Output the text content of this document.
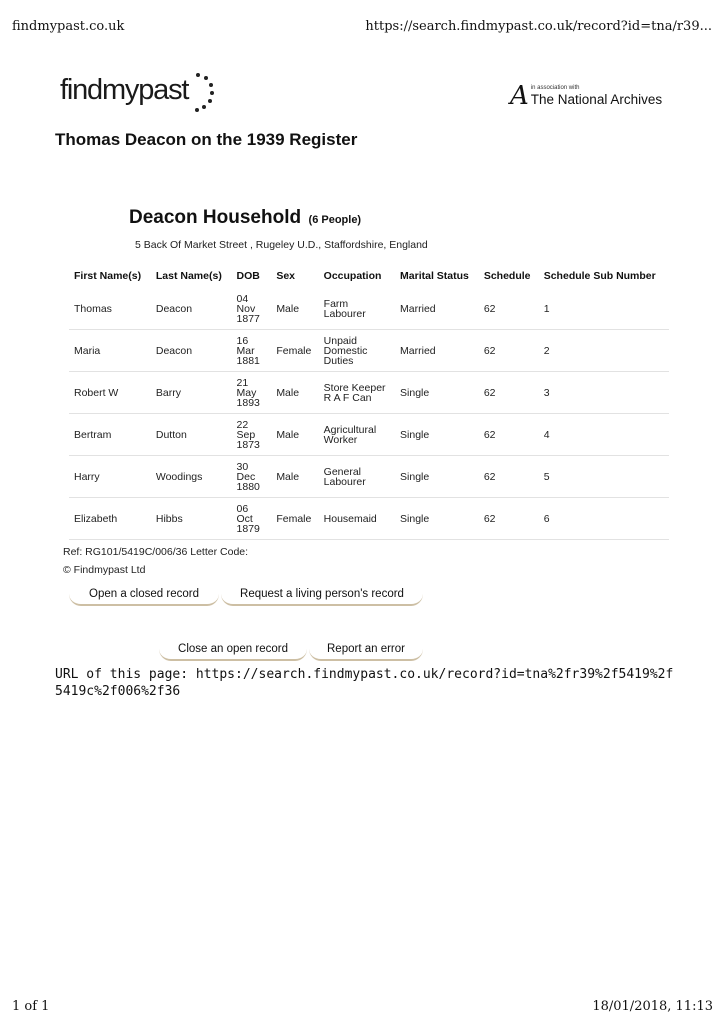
findmypast.co.uk	https://search.findmypast.co.uk/record?id=tna/r39...
findmypast	A in association with
The National Archives
Thomas Deacon on the 1939 Register
Deacon Household (6 People)
5 Back Of Market Street , Rugeley U.D., Staffordshire, England
First Name(s)	Last Name(s)	DOB	Sex	Occupation	Marital Status	Schedule	Schedule Sub Number
Thomas	Deacon	04 Nov 1877	Male	Farm Labourer	Married	62	1
Maria	Deacon	16 Mar 1881	Female	Unpaid Domestic Duties	Married	62	2
Robert W	Barry	21 May 1893	Male	Store Keeper R A F Can	Single	62	3
Bertram	Dutton	22 Sep 1873	Male	Agricultural Worker	Single	62	4
Harry	Woodings	30 Dec 1880	Male	General Labourer	Single	62	5
Elizabeth	Hibbs	06 Oct 1879	Female	Housemaid	Single	62	6
Ref: RG101/5419C/006/36 Letter Code:
© Findmypast Ltd
Open a closed record	Request a living person's record
Close an open record	Report an error
URL of this page: https://search.findmypast.co.uk/record?id=tna%2fr39%2f5419%2f5419c%2f006%2f36
1 of 1	18/01/2018, 11:13
